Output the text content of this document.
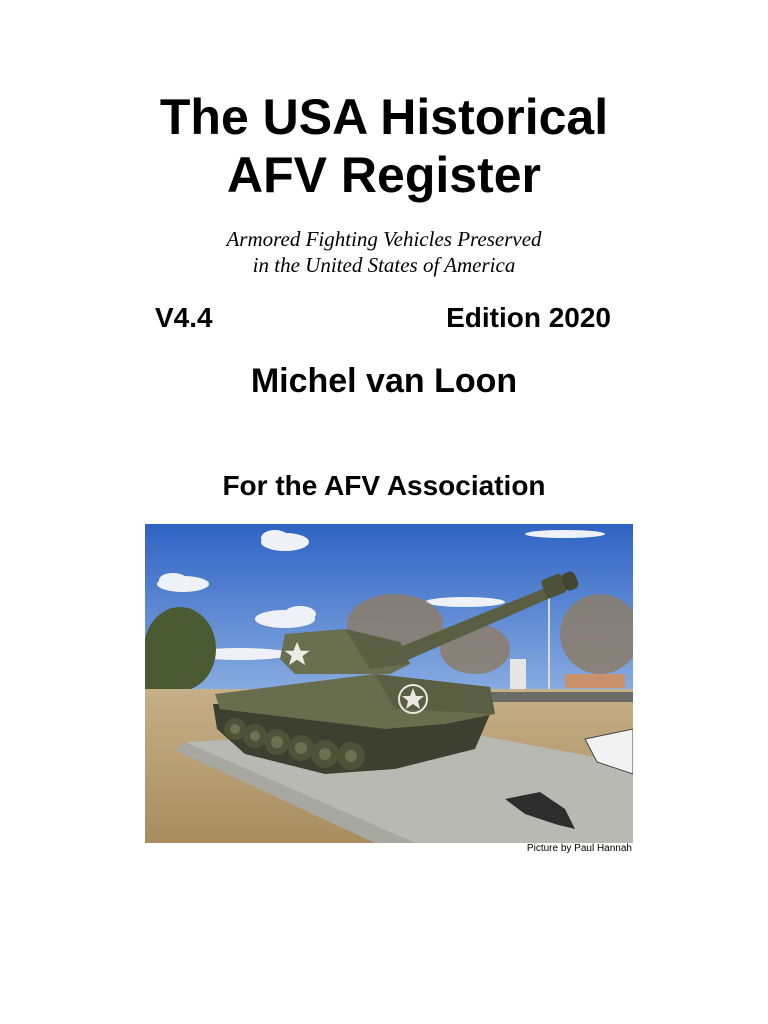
The USA Historical
AFV Register
Armored Fighting Vehicles Preserved
in the United States of America
V4.4	Edition 2020
Michel van Loon
For the AFV Association
Picture by Paul Hannah
